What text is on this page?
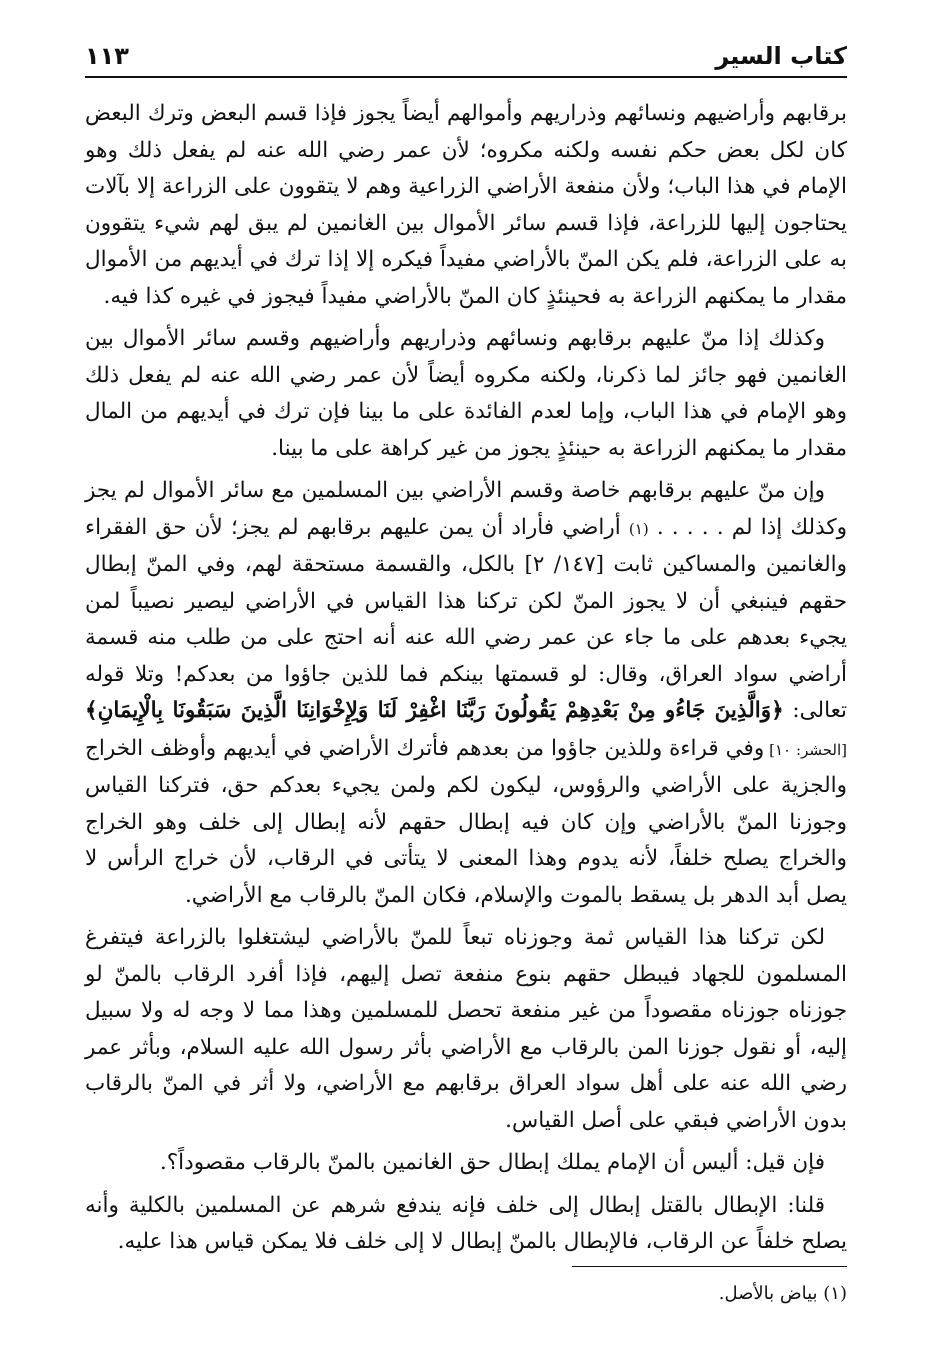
كتاب السير
١١٣

برقابهم وأراضيهم ونسائهم وذراريهم وأموالهم أيضاً يجوز فإذا قسم البعض وترك البعض كان لكل بعض حكم نفسه ولكنه مكروه؛ لأن عمر رضي الله عنه لم يفعل ذلك وهو الإمام في هذا الباب؛ ولأن منفعة الأراضي الزراعية وهم لا يتقوون على الزراعة إلا بآلات يحتاجون إليها للزراعة، فإذا قسم سائر الأموال بين الغانمين لم يبق لهم شيء يتقوون به على الزراعة، فلم يكن المنّ بالأراضي مفيداً فيكره إلا إذا ترك في أيديهم من الأموال مقدار ما يمكنهم الزراعة به فحينئذٍ كان المنّ بالأراضي مفيداً فيجوز في غيره كذا فيه.

وكذلك إذا منّ عليهم برقابهم ونسائهم وذراريهم وأراضيهم وقسم سائر الأموال بين الغانمين فهو جائز لما ذكرنا، ولكنه مكروه أيضاً لأن عمر رضي الله عنه لم يفعل ذلك وهو الإمام في هذا الباب، وإما لعدم الفائدة على ما بينا فإن ترك في أيديهم من المال مقدار ما يمكنهم الزراعة به حينئذٍ يجوز من غير كراهة على ما بينا.

وإن منّ عليهم برقابهم خاصة وقسم الأراضي بين المسلمين مع سائر الأموال لم يجز وكذلك إذا لم . . . . . (١) أراضي فأراد أن يمن عليهم برقابهم لم يجز؛ لأن حق الفقراء والغانمين والمساكين ثابت [١٤٧/ ٢] بالكل، والقسمة مستحقة لهم، وفي المنّ إبطال حقهم فينبغي أن لا يجوز المنّ لكن تركنا هذا القياس في الأراضي ليصير نصيباً لمن يجيء بعدهم على ما جاء عن عمر رضي الله عنه أنه احتج على من طلب منه قسمة أراضي سواد العراق، وقال: لو قسمتها بينكم فما للذين جاؤوا من بعدكم! وتلا قوله تعالى: ﴿وَالَّذِينَ جَاءُو مِنْ بَعْدِهِمْ يَقُولُونَ رَبَّنَا اغْفِرْ لَنَا وَلِإِخْوَانِنَا الَّذِينَ سَبَقُونَا بِالْإِيمَانِ﴾ [الحشر: ١٠] وفي قراءة وللذين جاؤوا من بعدهم فأترك الأراضي في أيديهم وأوظف الخراج والجزية على الأراضي والرؤوس، ليكون لكم ولمن يجيء بعدكم حق، فتركنا القياس وجوزنا المنّ بالأراضي وإن كان فيه إبطال حقهم لأنه إبطال إلى خلف وهو الخراج والخراج يصلح خلفاً، لأنه يدوم وهذا المعنى لا يتأتى في الرقاب، لأن خراج الرأس لا يصل أبد الدهر بل يسقط بالموت والإسلام، فكان المنّ بالرقاب مع الأراضي.

لكن تركنا هذا القياس ثمة وجوزناه تبعاً للمنّ بالأراضي ليشتغلوا بالزراعة فيتفرغ المسلمون للجهاد فيبطل حقهم بنوع منفعة تصل إليهم، فإذا أفرد الرقاب بالمنّ لو جوزناه جوزناه مقصوداً من غير منفعة تحصل للمسلمين وهذا مما لا وجه له ولا سبيل إليه، أو نقول جوزنا المن بالرقاب مع الأراضي بأثر رسول الله عليه السلام، وبأثر عمر رضي الله عنه على أهل سواد العراق برقابهم مع الأراضي، ولا أثر في المنّ بالرقاب بدون الأراضي فبقي على أصل القياس.

فإن قيل: أليس أن الإمام يملك إبطال حق الغانمين بالمنّ بالرقاب مقصوداً؟.

قلنا: الإبطال بالقتل إبطال إلى خلف فإنه يندفع شرهم عن المسلمين بالكلية وأنه يصلح خلفاً عن الرقاب، فالإبطال بالمنّ إبطال لا إلى خلف فلا يمكن قياس هذا عليه.

(١) بياض بالأصل.
